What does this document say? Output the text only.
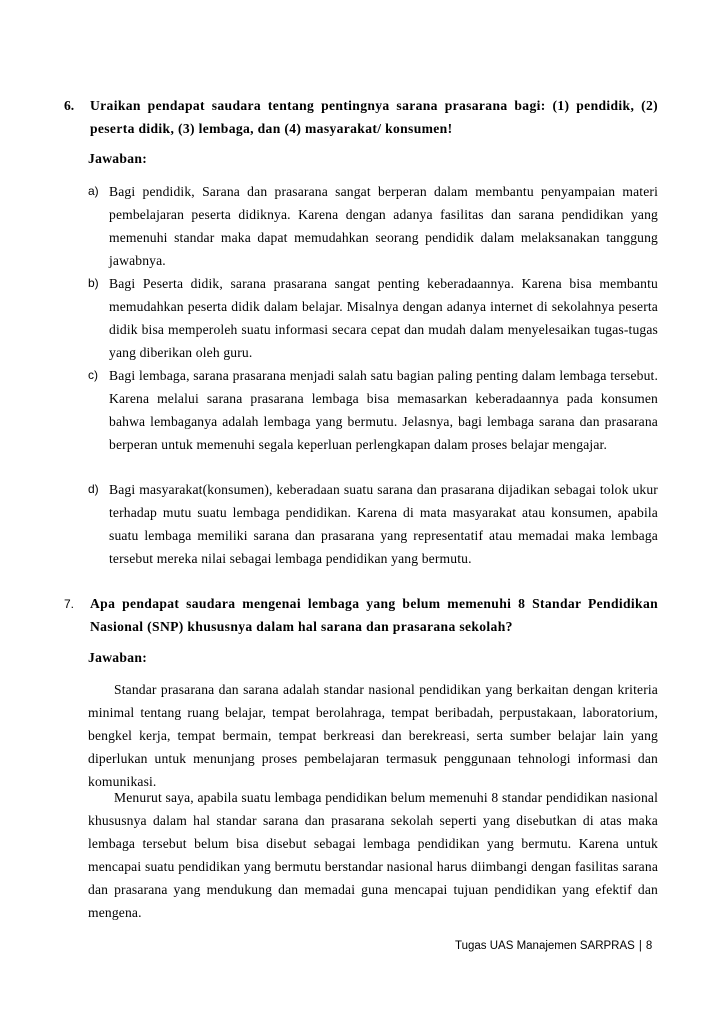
6. Uraikan pendapat saudara tentang pentingnya sarana prasarana bagi: (1) pendidik, (2) peserta didik, (3) lembaga, dan (4) masyarakat/ konsumen!
Jawaban:
a) Bagi pendidik, Sarana dan prasarana sangat berperan dalam membantu penyampaian materi pembelajaran peserta didiknya. Karena dengan adanya fasilitas dan sarana pendidikan yang memenuhi standar maka dapat memudahkan seorang pendidik dalam melaksanakan tanggung jawabnya.
b) Bagi Peserta didik, sarana prasarana sangat penting keberadaannya. Karena bisa membantu memudahkan peserta didik dalam belajar. Misalnya dengan adanya internet di sekolahnya peserta didik bisa memperoleh suatu informasi secara cepat dan mudah dalam menyelesaikan tugas-tugas yang diberikan oleh guru.
c) Bagi lembaga, sarana prasarana menjadi salah satu bagian paling penting dalam lembaga tersebut. Karena melalui sarana prasarana lembaga bisa memasarkan keberadaannya pada konsumen bahwa lembaganya adalah lembaga yang bermutu. Jelasnya, bagi lembaga sarana dan prasarana berperan untuk memenuhi segala keperluan perlengkapan dalam proses belajar mengajar.
d) Bagi masyarakat(konsumen), keberadaan suatu sarana dan prasarana dijadikan sebagai tolok ukur terhadap mutu suatu lembaga pendidikan. Karena di mata masyarakat atau konsumen, apabila suatu lembaga memiliki sarana dan prasarana yang representatif atau memadai maka lembaga tersebut mereka nilai sebagai lembaga pendidikan yang bermutu.
7. Apa pendapat saudara mengenai lembaga yang belum memenuhi 8 Standar Pendidikan Nasional (SNP) khususnya dalam hal sarana dan prasarana sekolah?
Jawaban:

Standar prasarana dan sarana adalah standar nasional pendidikan yang berkaitan dengan kriteria minimal tentang ruang belajar, tempat berolahraga, tempat beribadah, perpustakaan, laboratorium, bengkel kerja, tempat bermain, tempat berkreasi dan berekreasi, serta sumber belajar lain yang diperlukan untuk menunjang proses pembelajaran termasuk penggunaan tehnologi informasi dan komunikasi.

Menurut saya, apabila suatu lembaga pendidikan belum memenuhi 8 standar pendidikan nasional khususnya dalam hal standar sarana dan prasarana sekolah seperti yang disebutkan di atas maka lembaga tersebut belum bisa disebut sebagai lembaga pendidikan yang bermutu. Karena untuk mencapai suatu pendidikan yang bermutu berstandar nasional harus diimbangi dengan fasilitas sarana dan prasarana yang mendukung dan memadai guna mencapai tujuan pendidikan yang efektif dan mengena.

Tugas UAS Manajemen SARPRAS | 8
